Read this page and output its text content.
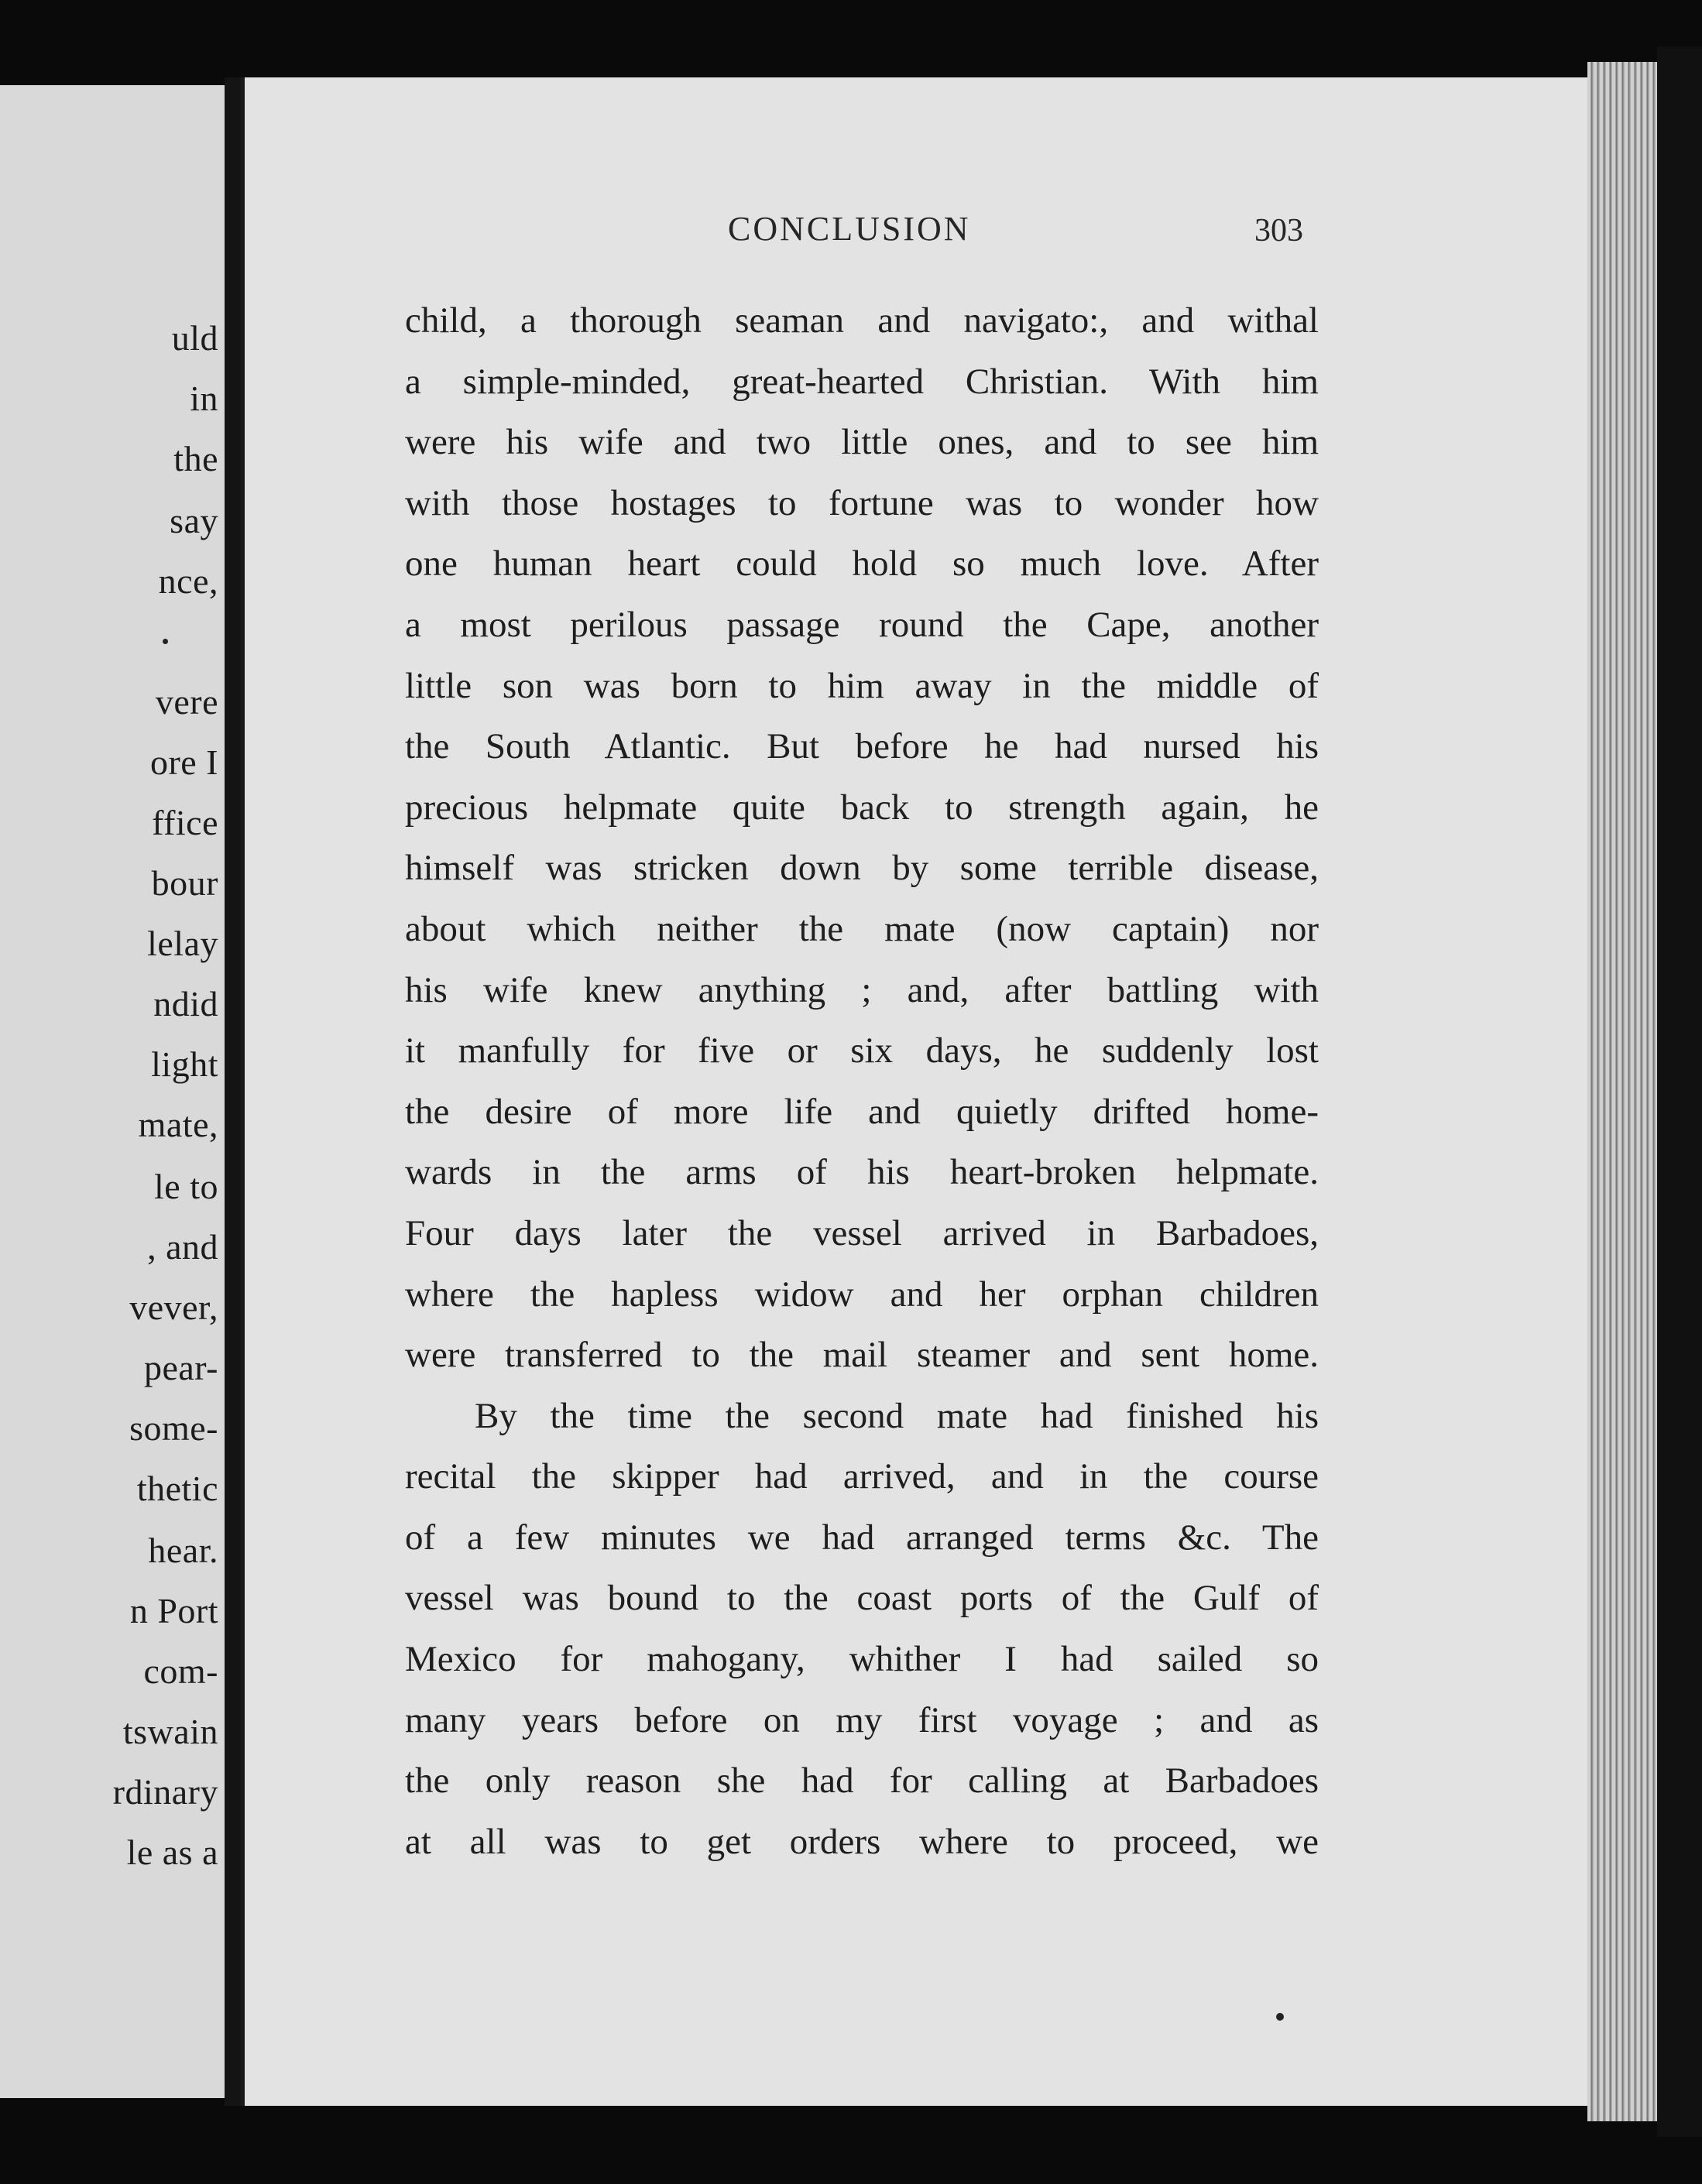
uld
in
the
say
nce,
vere
ore I
ffice
bour
lelay
ndid
light
mate,
le to
, and
vever,
pear-
some-
thetic
hear.
n Port
com-
tswain
rdinary
le as a
CONCLUSION	303
child, a thorough seaman and navigato:, and withal
a simple-minded, great-hearted Christian. With him
were his wife and two little ones, and to see him
with those hostages to fortune was to wonder how
one human heart could hold so much love. After
a most perilous passage round the Cape, another
little son was born to him away in the middle of
the South Atlantic. But before he had nursed his
precious helpmate quite back to strength again, he
himself was stricken down by some terrible disease,
about which neither the mate (now captain) nor
his wife knew anything ; and, after battling with
it manfully for five or six days, he suddenly lost
the desire of more life and quietly drifted home-
wards in the arms of his heart-broken helpmate.
Four days later the vessel arrived in Barbadoes,
where the hapless widow and her orphan children
were transferred to the mail steamer and sent home.
By the time the second mate had finished his
recital the skipper had arrived, and in the course
of a few minutes we had arranged terms &c. The
vessel was bound to the coast ports of the Gulf of
Mexico for mahogany, whither I had sailed so
many years before on my first voyage ; and as
the only reason she had for calling at Barbadoes
at all was to get orders where to proceed, we
